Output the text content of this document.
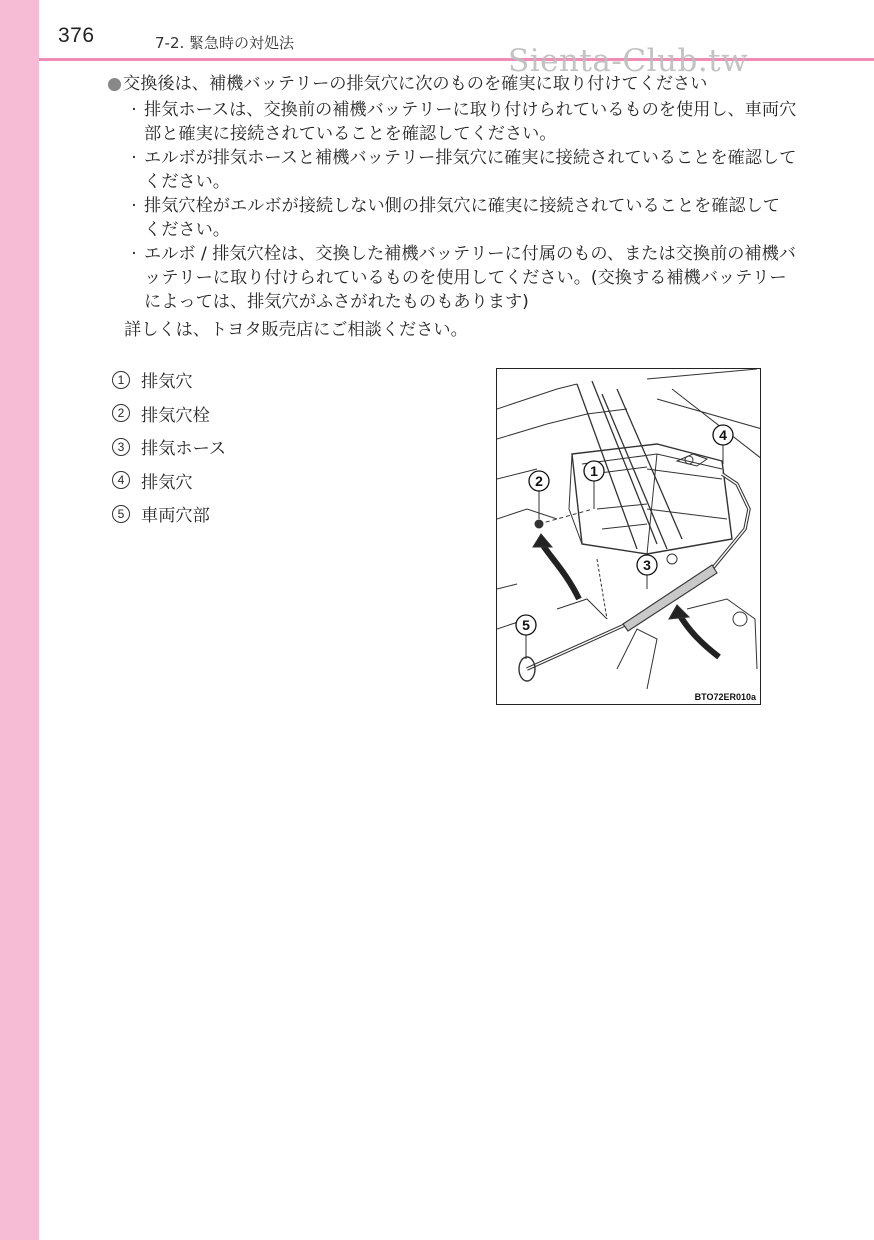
376	7-2. 緊急時の対処法	Sienta-Club.tw
● 交換後は、補機バッテリーの排気穴に次のものを確実に取り付けてください
· 排気ホースは、交換前の補機バッテリーに取り付けられているものを使用し、車両穴部と確実に接続されていることを確認してください。
· エルボが排気ホースと補機バッテリー排気穴に確実に接続されていることを確認してください。
· 排気穴栓がエルボが接続しない側の排気穴に確実に接続されていることを確認してください。
· エルボ / 排気穴栓は、交換した補機バッテリーに付属のもの、または交換前の補機バッテリーに取り付けられているものを使用してください。(交換する補機バッテリーによっては、排気穴がふさがれたものもあります)
詳しくは、トヨタ販売店にご相談ください。
1 排気穴
2 排気穴栓
3 排気ホース
4 排気穴
5 車両穴部
2
1
3
4
5
BTO72ER010a
